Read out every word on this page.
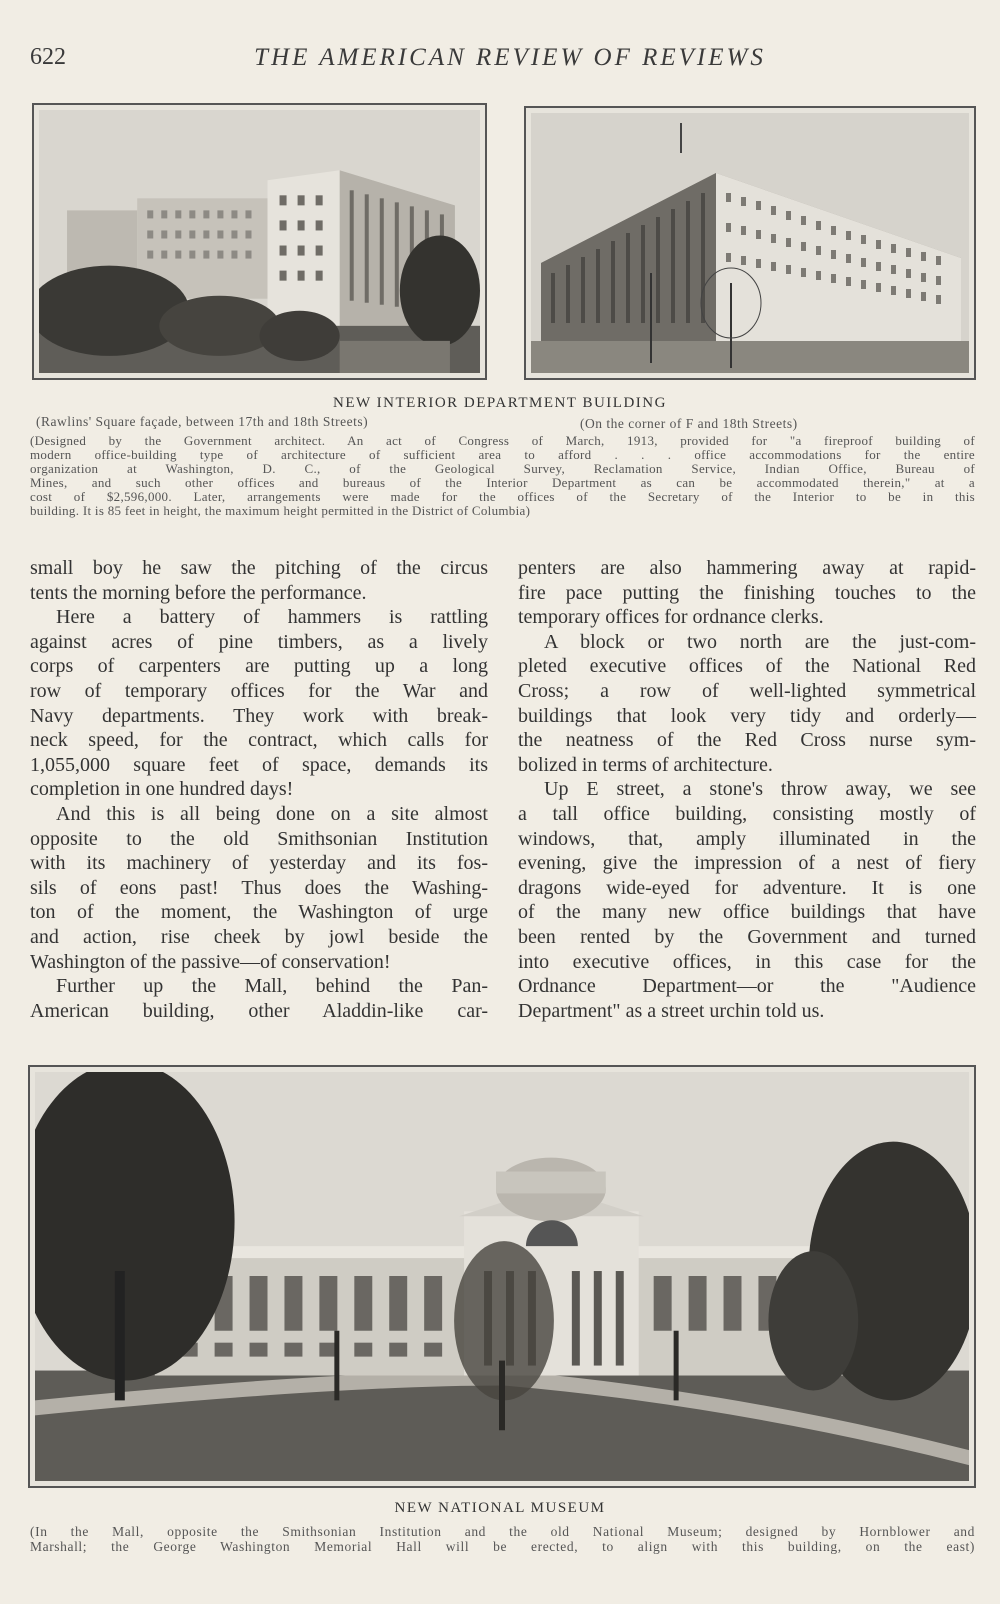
622	THE AMERICAN REVIEW OF REVIEWS
NEW INTERIOR DEPARTMENT BUILDING
(Rawlins' Square façade, between 17th and 18th Streets)	(On the corner of F and 18th Streets)
(Designed by the Government architect. An act of Congress of March, 1913, provided for "a fireproof building of
modern office-building type of architecture of sufficient area to afford . . . office accommodations for the entire
organization at Washington, D. C., of the Geological Survey, Reclamation Service, Indian Office, Bureau of
Mines, and such other offices and bureaus of the Interior Department as can be accommodated therein," at a
cost of $2,596,000. Later, arrangements were made for the offices of the Secretary of the Interior to be in this
building. It is 85 feet in height, the maximum height permitted in the District of Columbia)
small boy he saw the pitching of the circus
tents the morning before the performance.
Here a battery of hammers is rattling
against acres of pine timbers, as a lively
corps of carpenters are putting up a long
row of temporary offices for the War and
Navy departments. They work with break-
neck speed, for the contract, which calls for
1,055,000 square feet of space, demands its
completion in one hundred days!
And this is all being done on a site almost
opposite to the old Smithsonian Institution
with its machinery of yesterday and its fos-
sils of eons past! Thus does the Washing-
ton of the moment, the Washington of urge
and action, rise cheek by jowl beside the
Washington of the passive—of conservation!
Further up the Mall, behind the Pan-
American building, other Aladdin-like car-
penters are also hammering away at rapid-
fire pace putting the finishing touches to the
temporary offices for ordnance clerks.
A block or two north are the just-com-
pleted executive offices of the National Red
Cross; a row of well-lighted symmetrical
buildings that look very tidy and orderly—
the neatness of the Red Cross nurse sym-
bolized in terms of architecture.
Up E street, a stone's throw away, we see
a tall office building, consisting mostly of
windows, that, amply illuminated in the
evening, give the impression of a nest of fiery
dragons wide-eyed for adventure. It is one
of the many new office buildings that have
been rented by the Government and turned
into executive offices, in this case for the
Ordnance Department—or the "Audience
Department" as a street urchin told us.
NEW NATIONAL MUSEUM
(In the Mall, opposite the Smithsonian Institution and the old National Museum; designed by Hornblower and
Marshall; the George Washington Memorial Hall will be erected, to align with this building, on the east)
